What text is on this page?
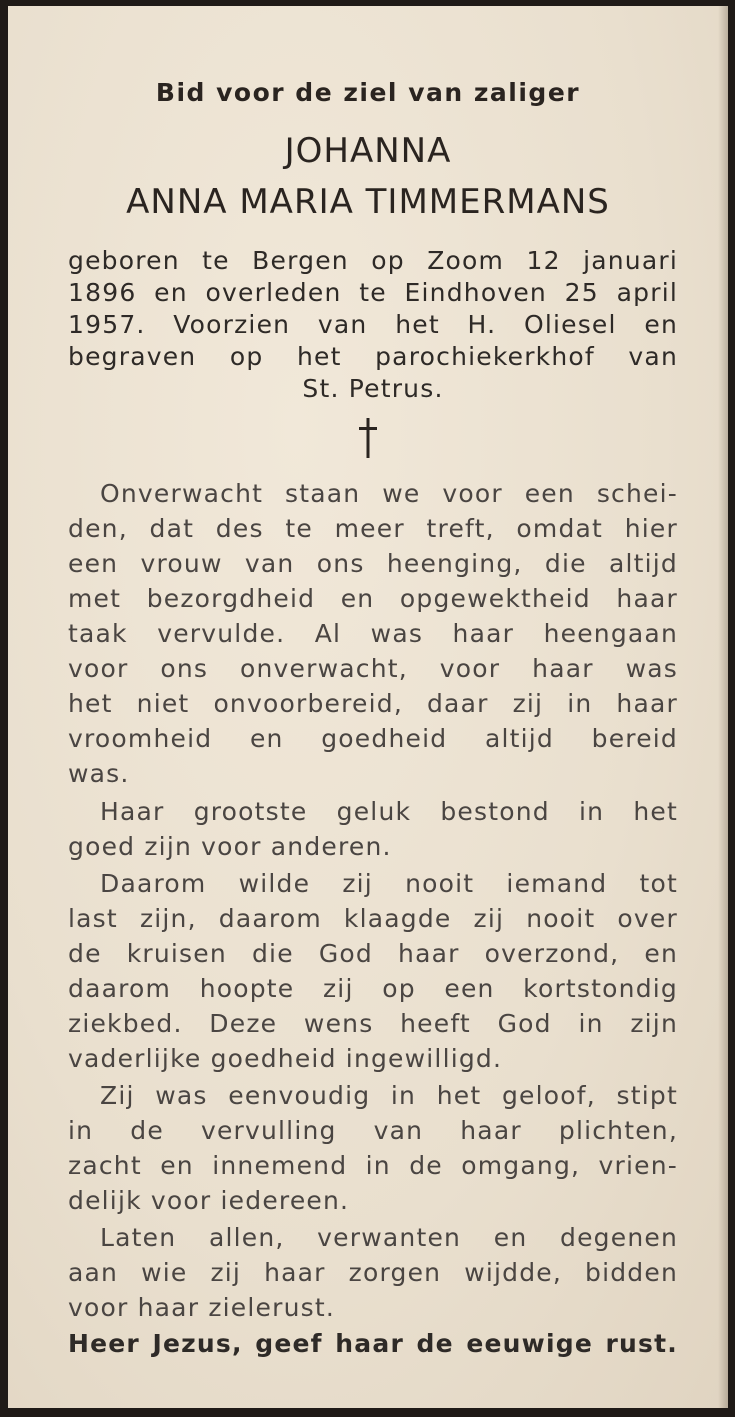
Bid voor de ziel van zaliger

JOHANNA

ANNA MARIA TIMMERMANS

geboren te Bergen op Zoom 12 januari

1896 en overleden te Eindhoven 25 april

1957. Voorzien van het H. Oliesel en

begraven op het parochiekerkhof van

St. Petrus.

Onverwacht staan we voor een schei-

den, dat des te meer treft, omdat hier

een vrouw van ons heenging, die altijd

met bezorgdheid en opgewektheid haar

taak vervulde. Al was haar heengaan

voor ons onverwacht, voor haar was

het niet onvoorbereid, daar zij in haar

vroomheid en goedheid altijd bereid

was.

Haar grootste geluk bestond in het

goed zijn voor anderen.

Daarom wilde zij nooit iemand tot

last zijn, daarom klaagde zij nooit over

de kruisen die God haar overzond, en

daarom hoopte zij op een kortstondig

ziekbed. Deze wens heeft God in zijn

vaderlijke goedheid ingewilligd.

Zij was eenvoudig in het geloof, stipt

in de vervulling van haar plichten,

zacht en innemend in de omgang, vrien-

delijk voor iedereen.

Laten allen, verwanten en degenen

aan wie zij haar zorgen wijdde, bidden

voor haar zielerust.

Heer Jezus, geef haar de eeuwige rust.
